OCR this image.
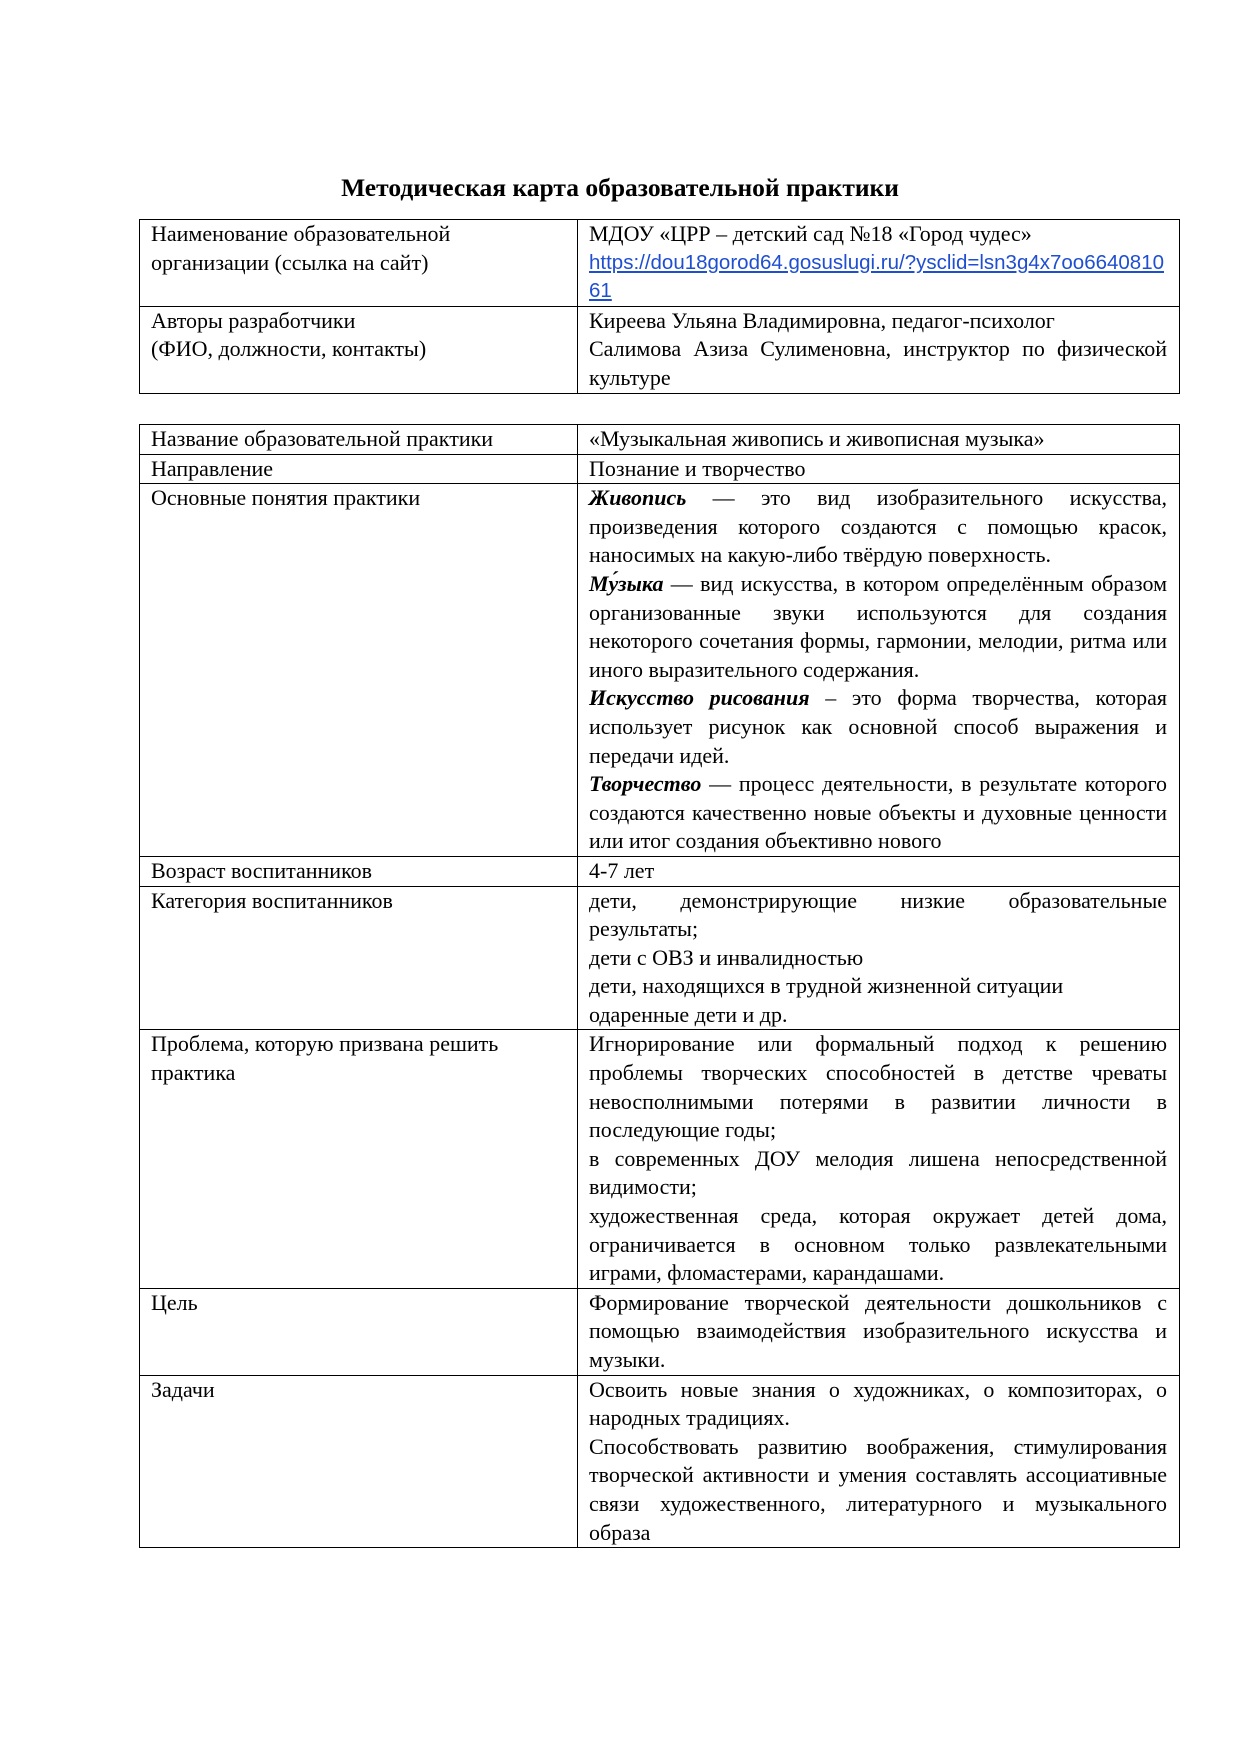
Методическая карта образовательной практики
Наименование образовательной организации (ссылка на сайт)	МДОУ «ЦРР – детский сад №18 «Город чудес»
https://dou18gorod64.gosuslugi.ru/?ysclid=lsn3g4x7oo664081061

Авторы разработчики
(ФИО, должности, контакты)	Киреева Ульяна Владимировна, педагог-психолог
Салимова Азиза Сулименовна, инструктор по физической культуре
Название образовательной практики	«Музыкальная живопись и живописная музыка»
Направление	Познание и творчество
Основные понятия практики	Живопись — это вид изобразительного искусства, произведения которого создаются с помощью красок, наносимых на какую-либо твёрдую поверхность.
Му́зыка — вид искусства, в котором определённым образом организованные звуки используются для создания некоторого сочетания формы, гармонии, мелодии, ритма или иного выразительного содержания.
Искусство рисования – это форма творчества, которая использует рисунок как основной способ выражения и передачи идей.
Творчество — процесс деятельности, в результате которого создаются качественно новые объекты и духовные ценности или итог создания объективно нового

Возраст воспитанников	4-7 лет
Категория воспитанников	дети, демонстрирующие низкие образовательные результаты;
дети с ОВЗ и инвалидностью
дети, находящихся в трудной жизненной ситуации
одаренные дети и др.

Проблема, которую призвана решить практика	Игнорирование или формальный подход к решению проблемы творческих способностей в детстве чреваты невосполнимыми потерями в развитии личности в последующие годы;
в современных ДОУ мелодия лишена непосредственной видимости;
художественная среда, которая окружает детей дома, ограничивается в основном только развлекательными играми, фломастерами, карандашами.

Цель	Формирование творческой деятельности дошкольников с помощью взаимодействия изобразительного искусства и музыки.
Задачи	Освоить новые знания о художниках, о композиторах, о народных традициях.
Способствовать развитию воображения, стимулирования творческой активности и умения составлять ассоциативные связи художественного, литературного и музыкального образа
